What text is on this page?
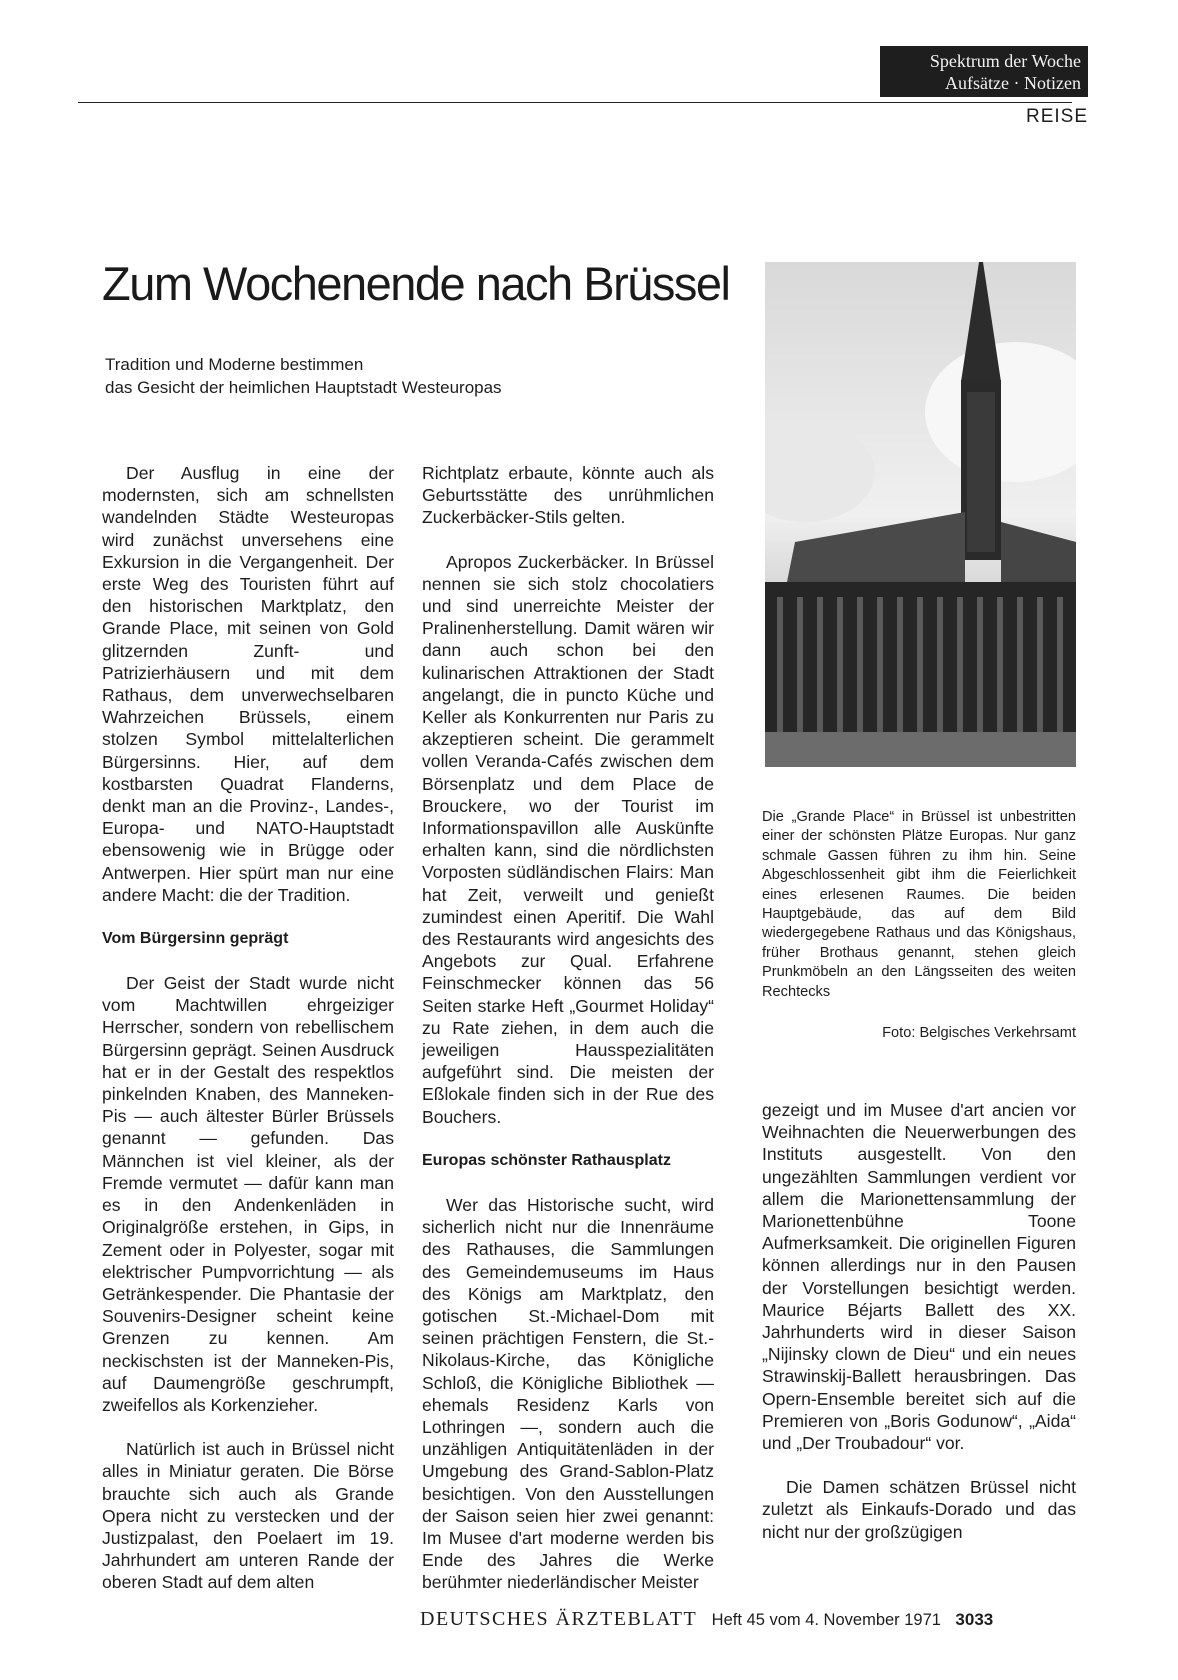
Spektrum der Woche
Aufsätze · Notizen
REISE
Zum Wochenende nach Brüssel
Tradition und Moderne bestimmen
das Gesicht der heimlichen Hauptstadt Westeuropas

Der Ausflug in eine der modernsten, sich am schnellsten wandelnden Städte Westeuropas wird zunächst unversehens eine Exkursion in die Vergangenheit. Der erste Weg des Touristen führt auf den historischen Marktplatz, den Grande Place, mit seinen von Gold glitzernden Zunft- und Patrizierhäusern und mit dem Rathaus, dem unverwechselbaren Wahrzeichen Brüssels, einem stolzen Symbol mittelalterlichen Bürgersinns. Hier, auf dem kostbarsten Quadrat Flanderns, denkt man an die Provinz-, Landes-, Europa- und NATO-Hauptstadt ebensowenig wie in Brügge oder Antwerpen. Hier spürt man nur eine andere Macht: die der Tradition.

Vom Bürgersinn geprägt

Der Geist der Stadt wurde nicht vom Machtwillen ehrgeiziger Herrscher, sondern von rebellischem Bürgersinn geprägt. Seinen Ausdruck hat er in der Gestalt des respektlos pinkelnden Knaben, des Manneken-Pis — auch ältester Bürler Brüssels genannt — gefunden. Das Männchen ist viel kleiner, als der Fremde vermutet — dafür kann man es in den Andenkenläden in Originalgröße erstehen, in Gips, in Zement oder in Polyester, sogar mit elektrischer Pumpvorrichtung — als Getränkespender. Die Phantasie der Souvenirs-Designer scheint keine Grenzen zu kennen. Am neckischsten ist der Manneken-Pis, auf Daumengröße geschrumpft, zweifellos als Korkenzieher.

Natürlich ist auch in Brüssel nicht alles in Miniatur geraten. Die Börse brauchte sich auch als Grande Opera nicht zu verstecken und der Justizpalast, den Poelaert im 19. Jahrhundert am unteren Rande der oberen Stadt auf dem alten

Richtplatz erbaute, könnte auch als Geburtsstätte des unrühmlichen Zuckerbäcker-Stils gelten.

Apropos Zuckerbäcker. In Brüssel nennen sie sich stolz chocolatiers und sind unerreichte Meister der Pralinenherstellung. Damit wären wir dann auch schon bei den kulinarischen Attraktionen der Stadt angelangt, die in puncto Küche und Keller als Konkurrenten nur Paris zu akzeptieren scheint. Die gerammelt vollen Veranda-Cafés zwischen dem Börsenplatz und dem Place de Brouckere, wo der Tourist im Informationspavillon alle Auskünfte erhalten kann, sind die nördlichsten Vorposten südländischen Flairs: Man hat Zeit, verweilt und genießt zumindest einen Aperitif. Die Wahl des Restaurants wird angesichts des Angebots zur Qual. Erfahrene Feinschmecker können das 56 Seiten starke Heft „Gourmet Holiday“ zu Rate ziehen, in dem auch die jeweiligen Hausspezialitäten aufgeführt sind. Die meisten der Eßlokale finden sich in der Rue des Bouchers.

Europas schönster Rathausplatz

Wer das Historische sucht, wird sicherlich nicht nur die Innenräume des Rathauses, die Sammlungen des Gemeindemuseums im Haus des Königs am Marktplatz, den gotischen St.-Michael-Dom mit seinen prächtigen Fenstern, die St.-Nikolaus-Kirche, das Königliche Schloß, die Königliche Bibliothek — ehemals Residenz Karls von Lothringen —, sondern auch die unzähligen Antiquitätenläden in der Umgebung des Grand-Sablon-Platz besichtigen. Von den Ausstellungen der Saison seien hier zwei genannt: Im Musee d'art moderne werden bis Ende des Jahres die Werke berühmter niederländischer Meister

Die „Grande Place“ in Brüssel ist unbestritten einer der schönsten Plätze Europas. Nur ganz schmale Gassen führen zu ihm hin. Seine Abgeschlossenheit gibt ihm die Feierlichkeit eines erlesenen Raumes. Die beiden Hauptgebäude, das auf dem Bild wiedergegebene Rathaus und das Königshaus, früher Brothaus genannt, stehen gleich Prunkmöbeln an den Längsseiten des weiten Rechtecks
Foto: Belgisches Verkehrsamt

gezeigt und im Musee d'art ancien vor Weihnachten die Neuerwerbungen des Instituts ausgestellt. Von den ungezählten Sammlungen verdient vor allem die Marionettensammlung der Marionettenbühne Toone Aufmerksamkeit. Die originellen Figuren können allerdings nur in den Pausen der Vorstellungen besichtigt werden. Maurice Béjarts Ballett des XX. Jahrhunderts wird in dieser Saison „Nijinsky clown de Dieu“ und ein neues Strawinskij-Ballett herausbringen. Das Opern-Ensemble bereitet sich auf die Premieren von „Boris Godunow“, „Aida“ und „Der Troubadour“ vor.

Die Damen schätzen Brüssel nicht zuletzt als Einkaufs-Dorado und das nicht nur der großzügigen

DEUTSCHES ÄRZTEBLATT Heft 45 vom 4. November 1971 3033
